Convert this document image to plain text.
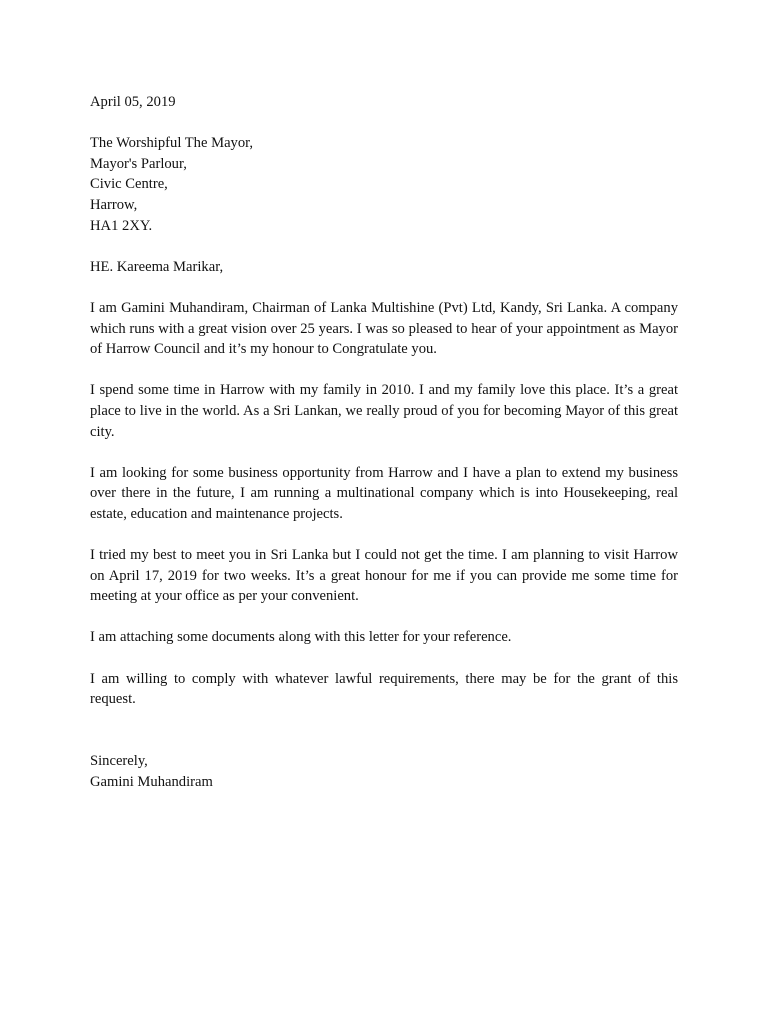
April 05, 2019
The Worshipful The Mayor,
Mayor's Parlour,
Civic Centre,
Harrow,
HA1 2XY.
HE. Kareema Marikar,

I am Gamini Muhandiram, Chairman of Lanka Multishine (Pvt) Ltd, Kandy, Sri Lanka. A company which runs with a great vision over 25 years. I was so pleased to hear of your appointment as Mayor of Harrow Council and it’s my honour to Congratulate you.

I spend some time in Harrow with my family in 2010. I and my family love this place. It’s a great place to live in the world. As a Sri Lankan, we really proud of you for becoming Mayor of this great city.

I am looking for some business opportunity from Harrow and I have a plan to extend my business over there in the future, I am running a multinational company which is into Housekeeping, real estate, education and maintenance projects.

I tried my best to meet you in Sri Lanka but I could not get the time. I am planning to visit Harrow on April 17, 2019 for two weeks. It’s a great honour for me if you can provide me some time for meeting at your office as per your convenient.

I am attaching some documents along with this letter for your reference.

I am willing to comply with whatever lawful requirements, there may be for the grant of this request.

Sincerely,
Gamini Muhandiram
